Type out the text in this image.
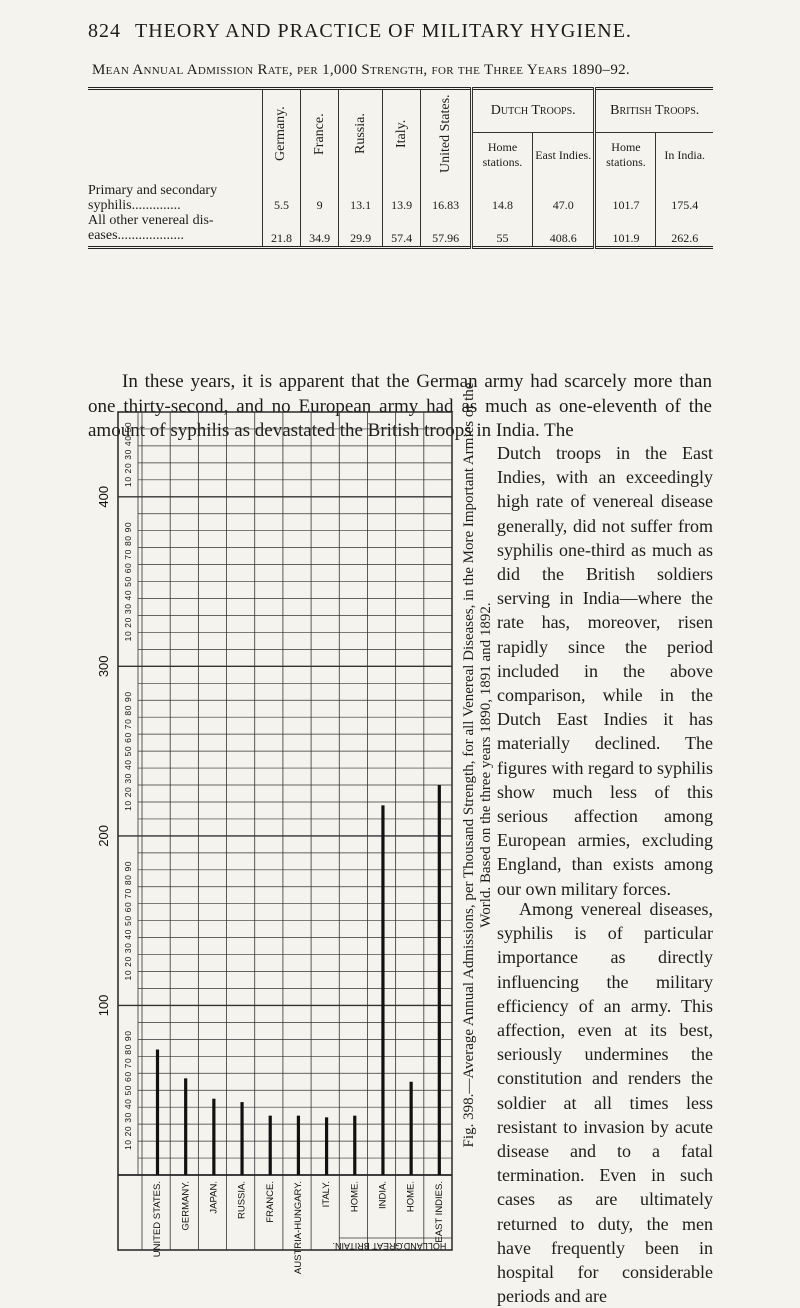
824 THEORY AND PRACTICE OF MILITARY HYGIENE.
Mean Annual Admission Rate, per 1,000 Strength, for the Three Years 1890–92.

	Germany.	France.	Russia.	Italy.	United States.	Dutch Troops.		British Troops.	
						Home stations.	East Indies.	Home stations.	In India.
Primary and secondary
syphilis..............	5.5	9	13.1	13.9	16.83	14.8	47.0	101.7	175.4
All other venereal dis-
eases...................	21.8	34.9	29.9	57.4	57.96	55	408.6	101.9	262.6
In these years, it is apparent that the German army had scarcely more than one thirty-second, and no European army had as much as one-eleventh of the amount of syphilis as devastated the British troops in India. The
Dutch troops in the East Indies, with an exceedingly high rate of venereal disease generally, did not suffer from syphilis one-third as much as did the British soldiers serving in India—where the rate has, moreover, risen rapidly since the period included in the above comparison, while in the Dutch East Indies it has materially declined. The figures with regard to syphilis show much less of this serious affection among European armies, excluding England, than exists among our own military forces.
Among venereal diseases, syphilis is of particular importance as directly influencing the military efficiency of an army. This affection, even at its best, seriously undermines the constitution and renders the soldier at all times less resistant to invasion by acute disease and to a fatal termination. Even in such cases as are ultimately returned to duty, the men have frequently been in hospital for considerable periods and are
100
200
300
400
10 20 30 40 50 60 70 80 90
10 20 30 40 50 60 70 80 90
10 20 30 40 50 60 70 80 90
10 20 30 40 50 60 70 80 90
10 20 30 40 50
UNITED STATES. GERMANY. JAPAN. RUSSIA. FRANCE. AUSTRIA-HUNGARY. ITALY. HOME. INDIA. HOME. EAST INDIES.
GREAT BRITAIN.
HOLLAND.
Fig. 398.—Average Annual Admissions, per Thousand Strength, for all Venereal Diseases, in the More Important Armies of the World. Based on the three years 1890, 1891 and 1892.
